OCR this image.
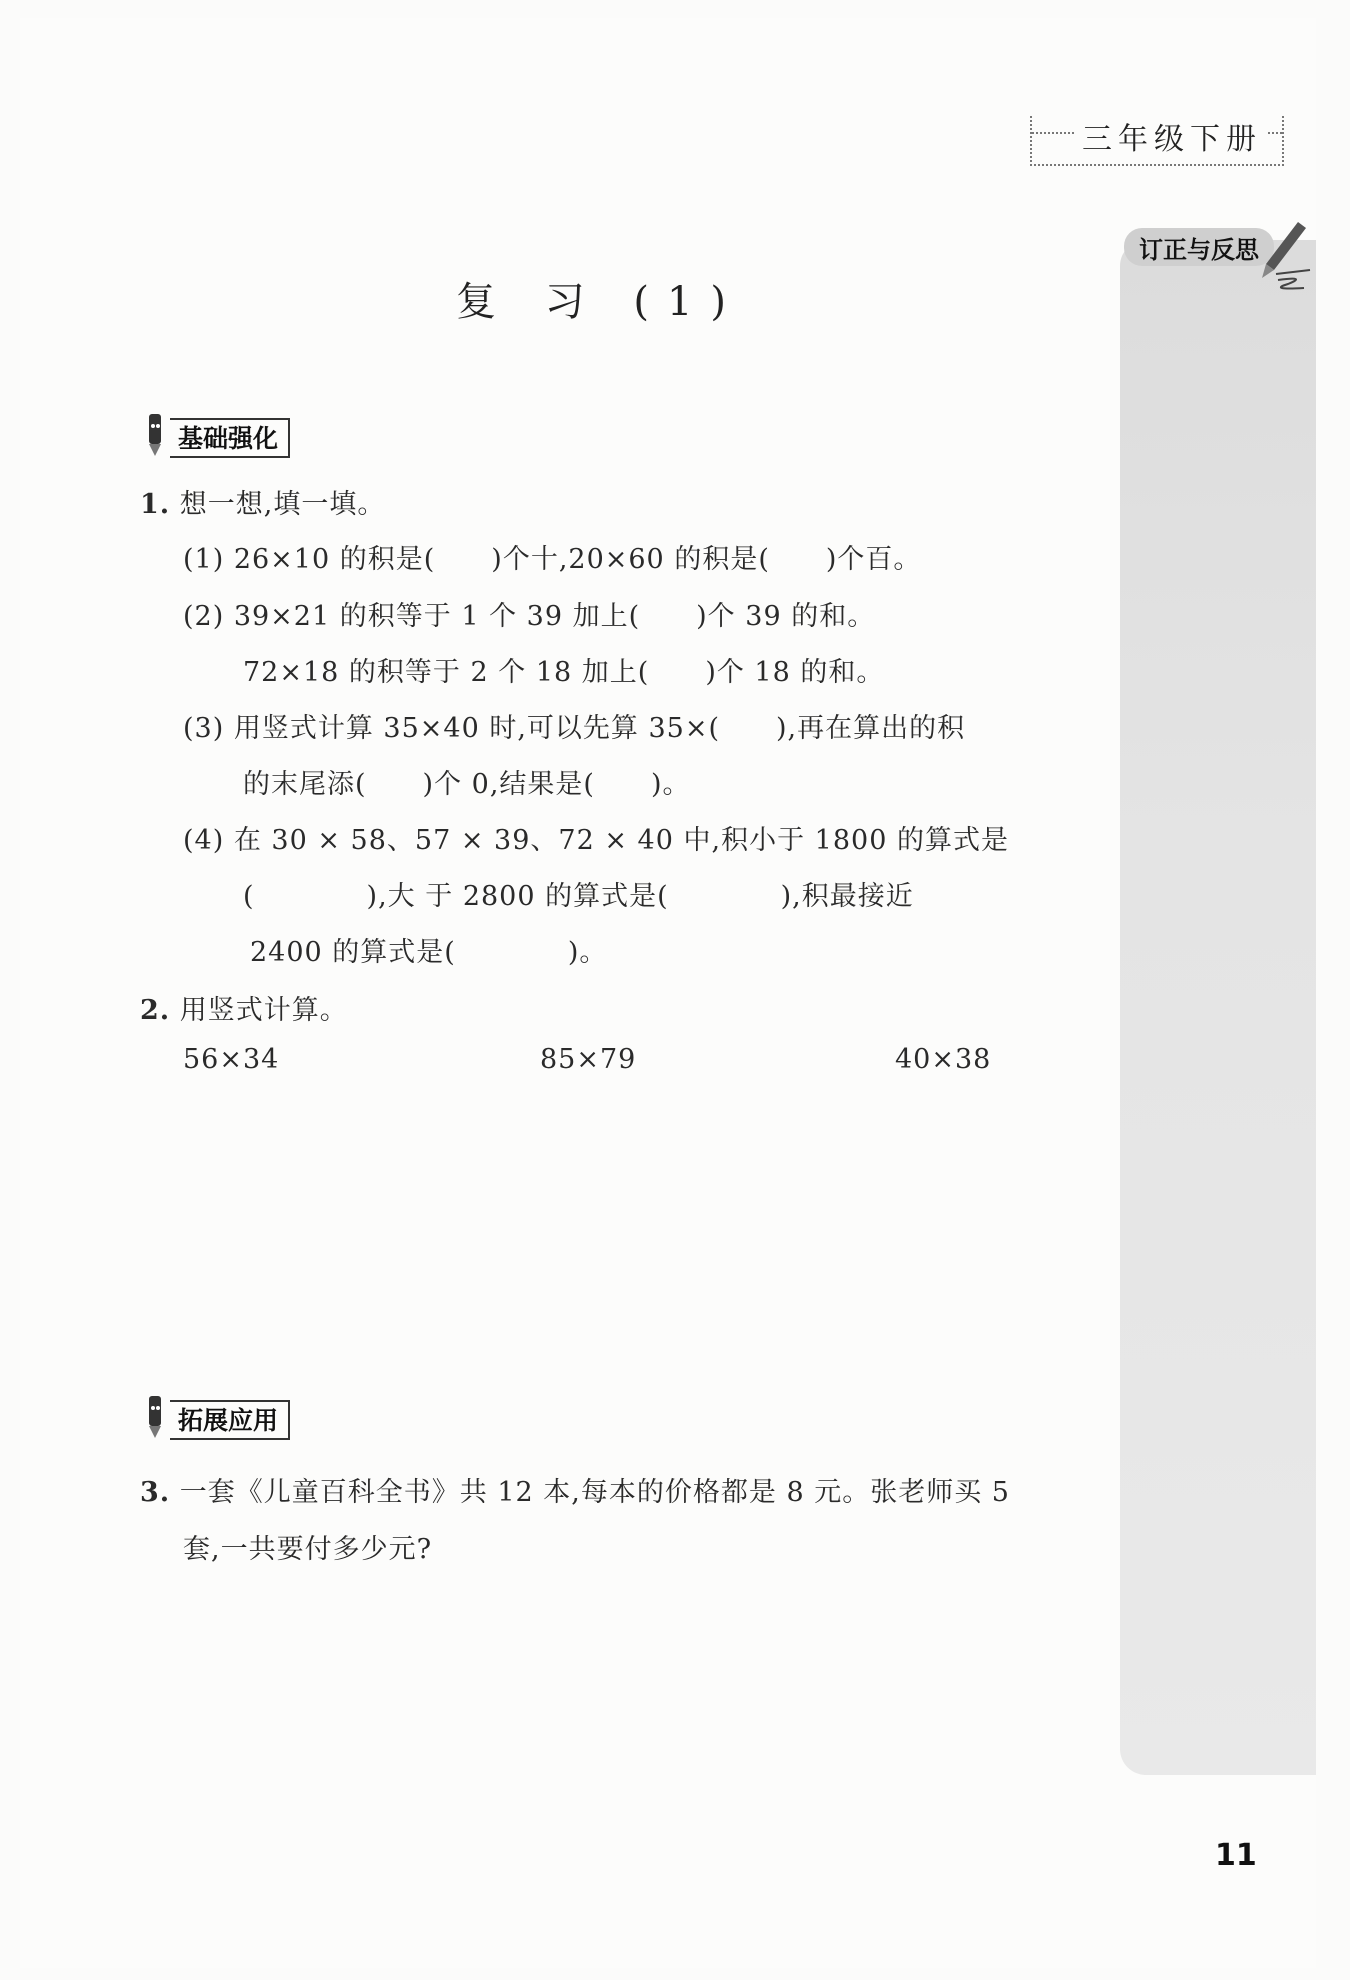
三年级下册
订正与反思
复 习 (1)
基础强化
1. 想一想,填一填。
(1) 26×10 的积是(　　)个十,20×60 的积是(　　)个百。
(2) 39×21 的积等于 1 个 39 加上(　　)个 39 的和。
72×18 的积等于 2 个 18 加上(　　)个 18 的和。
(3) 用竖式计算 35×40 时,可以先算 35×(　　),再在算出的积
的末尾添(　　)个 0,结果是(　　)。
(4) 在 30 × 58、57 × 39、72 × 40 中,积小于 1800 的算式是
(　　　　),大 于 2800 的算式是(　　　　),积最接近
2400 的算式是(　　　　)。
2. 用竖式计算。
56×34	85×79	40×38
拓展应用
3. 一套《儿童百科全书》共 12 本,每本的价格都是 8 元。张老师买 5
套,一共要付多少元?
11
